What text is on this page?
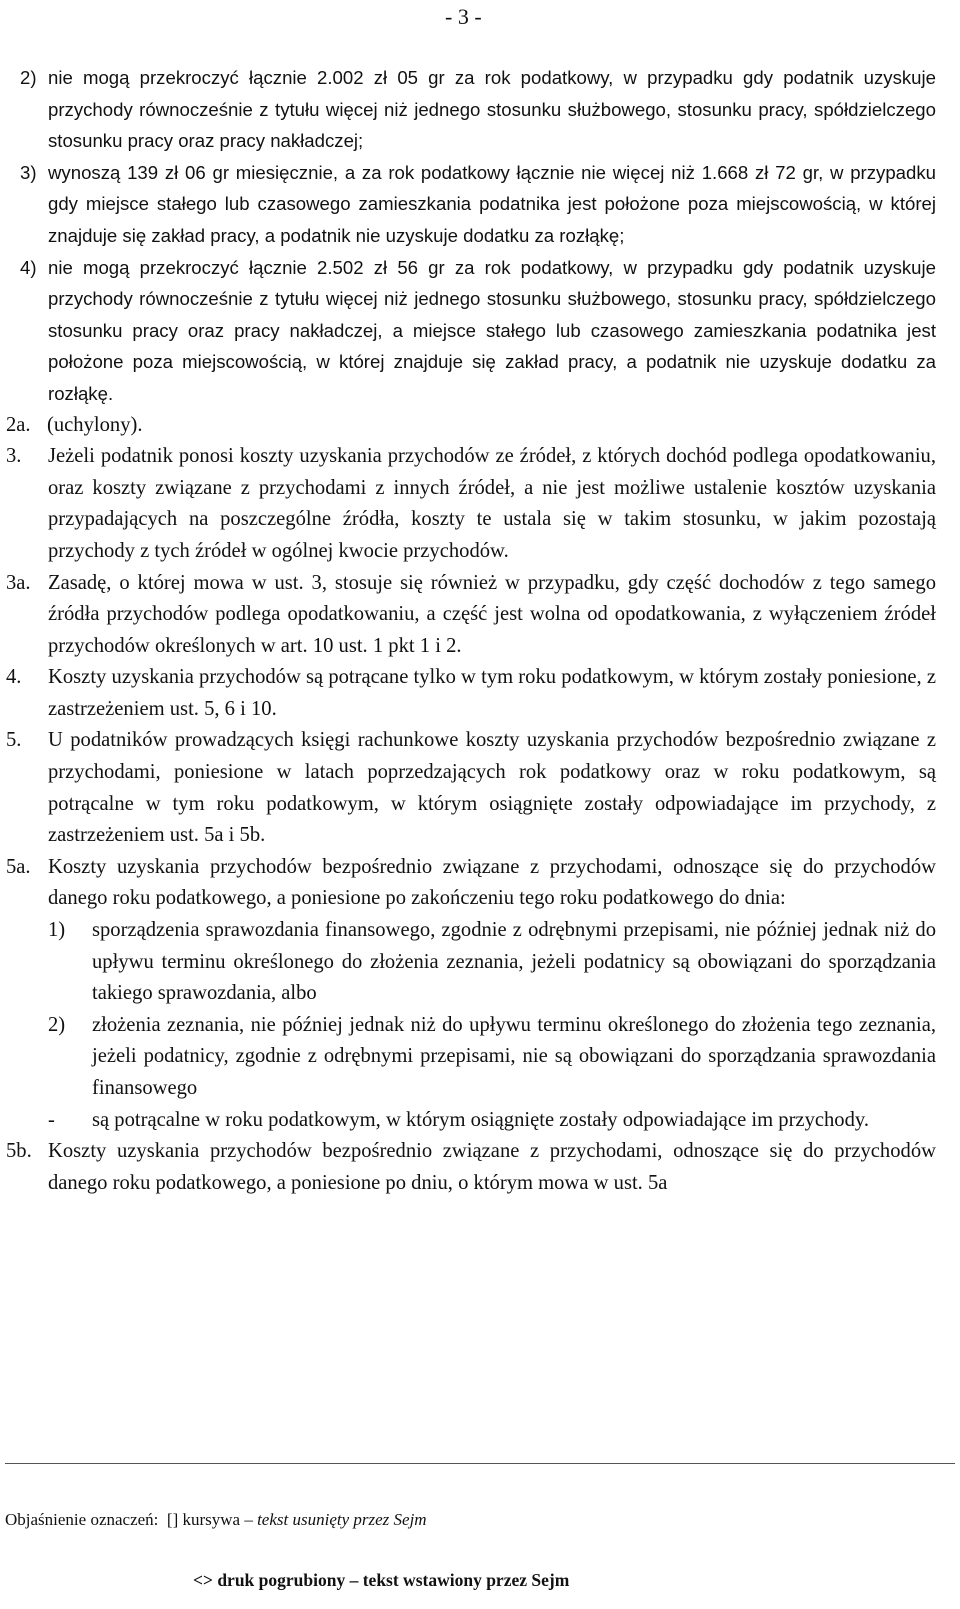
- 3 -

2) nie mogą przekroczyć łącznie 2.002 zł 05 gr za rok podatkowy, w przypadku gdy podatnik uzyskuje przychody równocześnie z tytułu więcej niż jednego stosunku służbowego, stosunku pracy, spółdzielczego stosunku pracy oraz pracy nakładczej;

3) wynoszą 139 zł 06 gr miesięcznie, a za rok podatkowy łącznie nie więcej niż 1.668 zł 72 gr, w przypadku gdy miejsce stałego lub czasowego zamieszkania podatnika jest położone poza miejscowością, w której znajduje się zakład pracy, a podatnik nie uzyskuje dodatku za rozłąkę;

4) nie mogą przekroczyć łącznie 2.502 zł 56 gr za rok podatkowy, w przypadku gdy podatnik uzyskuje przychody równocześnie z tytułu więcej niż jednego stosunku służbowego, stosunku pracy, spółdzielczego stosunku pracy oraz pracy nakładczej, a miejsce stałego lub czasowego zamieszkania podatnika jest położone poza miejscowością, w której znajduje się zakład pracy, a podatnik nie uzyskuje dodatku za rozłąkę.

2a. (uchylony).

3. Jeżeli podatnik ponosi koszty uzyskania przychodów ze źródeł, z których dochód podlega opodatkowaniu, oraz koszty związane z przychodami z innych źródeł, a nie jest możliwe ustalenie kosztów uzyskania przypadających na poszczególne źródła, koszty te ustala się w takim stosunku, w jakim pozostają przychody z tych źródeł w ogólnej kwocie przychodów.

3a. Zasadę, o której mowa w ust. 3, stosuje się również w przypadku, gdy część dochodów z tego samego źródła przychodów podlega opodatkowaniu, a część jest wolna od opodatkowania, z wyłączeniem źródeł przychodów określonych w art. 10 ust. 1 pkt 1 i 2.

4. Koszty uzyskania przychodów są potrącane tylko w tym roku podatkowym, w którym zostały poniesione, z zastrzeżeniem ust. 5, 6 i 10.

5. U podatników prowadzących księgi rachunkowe koszty uzyskania przychodów bezpośrednio związane z przychodami, poniesione w latach poprzedzających rok podatkowy oraz w roku podatkowym, są potrącalne w tym roku podatkowym, w którym osiągnięte zostały odpowiadające im przychody, z zastrzeżeniem ust. 5a i 5b.

5a. Koszty uzyskania przychodów bezpośrednio związane z przychodami, odnoszące się do przychodów danego roku podatkowego, a poniesione po zakończeniu tego roku podatkowego do dnia:

1) sporządzenia sprawozdania finansowego, zgodnie z odrębnymi przepisami, nie później jednak niż do upływu terminu określonego do złożenia zeznania, jeżeli podatnicy są obowiązani do sporządzania takiego sprawozdania, albo

2) złożenia zeznania, nie później jednak niż do upływu terminu określonego do złożenia tego zeznania, jeżeli podatnicy, zgodnie z odrębnymi przepisami, nie są obowiązani do sporządzania sprawozdania finansowego

- są potrącalne w roku podatkowym, w którym osiągnięte zostały odpowiadające im przychody.

5b. Koszty uzyskania przychodów bezpośrednio związane z przychodami, odnoszące się do przychodów danego roku podatkowego, a poniesione po dniu, o którym mowa w ust. 5a

Objaśnienie oznaczeń: [] kursywa – tekst usunięty przez Sejm
<> druk pogrubiony – tekst wstawiony przez Sejm
